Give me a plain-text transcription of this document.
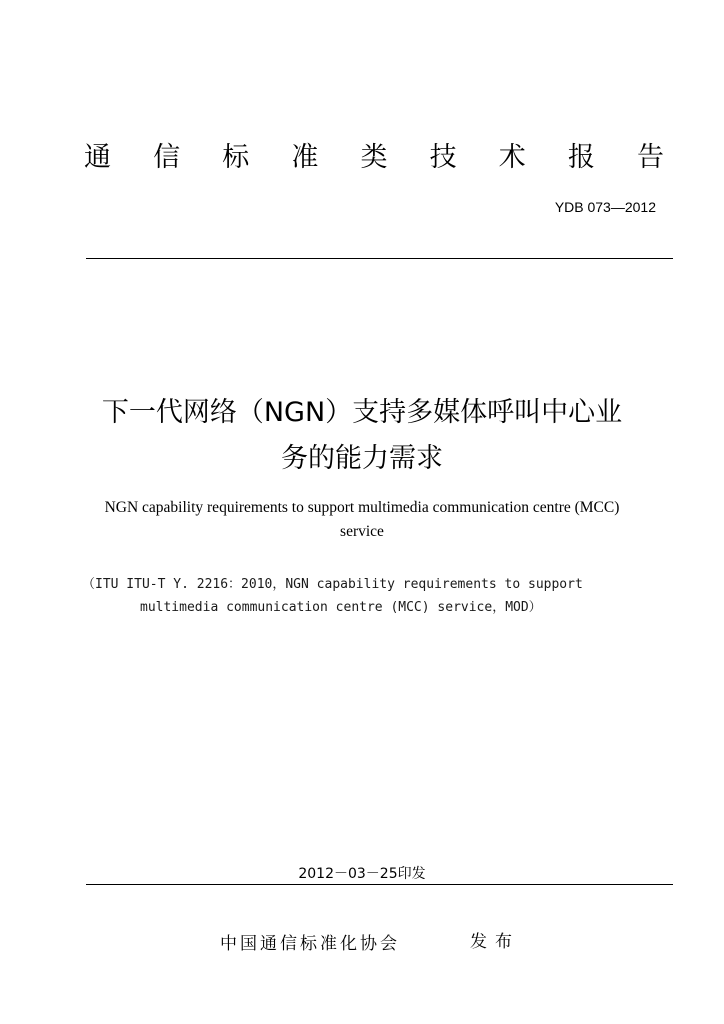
通 信 标 准 类 技 术 报 告
YDB 073—2012
下一代网络（NGN）支持多媒体呼叫中心业
务的能力需求
NGN capability requirements to support multimedia communication centre (MCC)
service
（ITU ITU-T Y. 2216：2010，NGN capability requirements to support
multimedia communication centre (MCC) service，MOD）
2012－03－25印发
中国通信标准化协会	发布
